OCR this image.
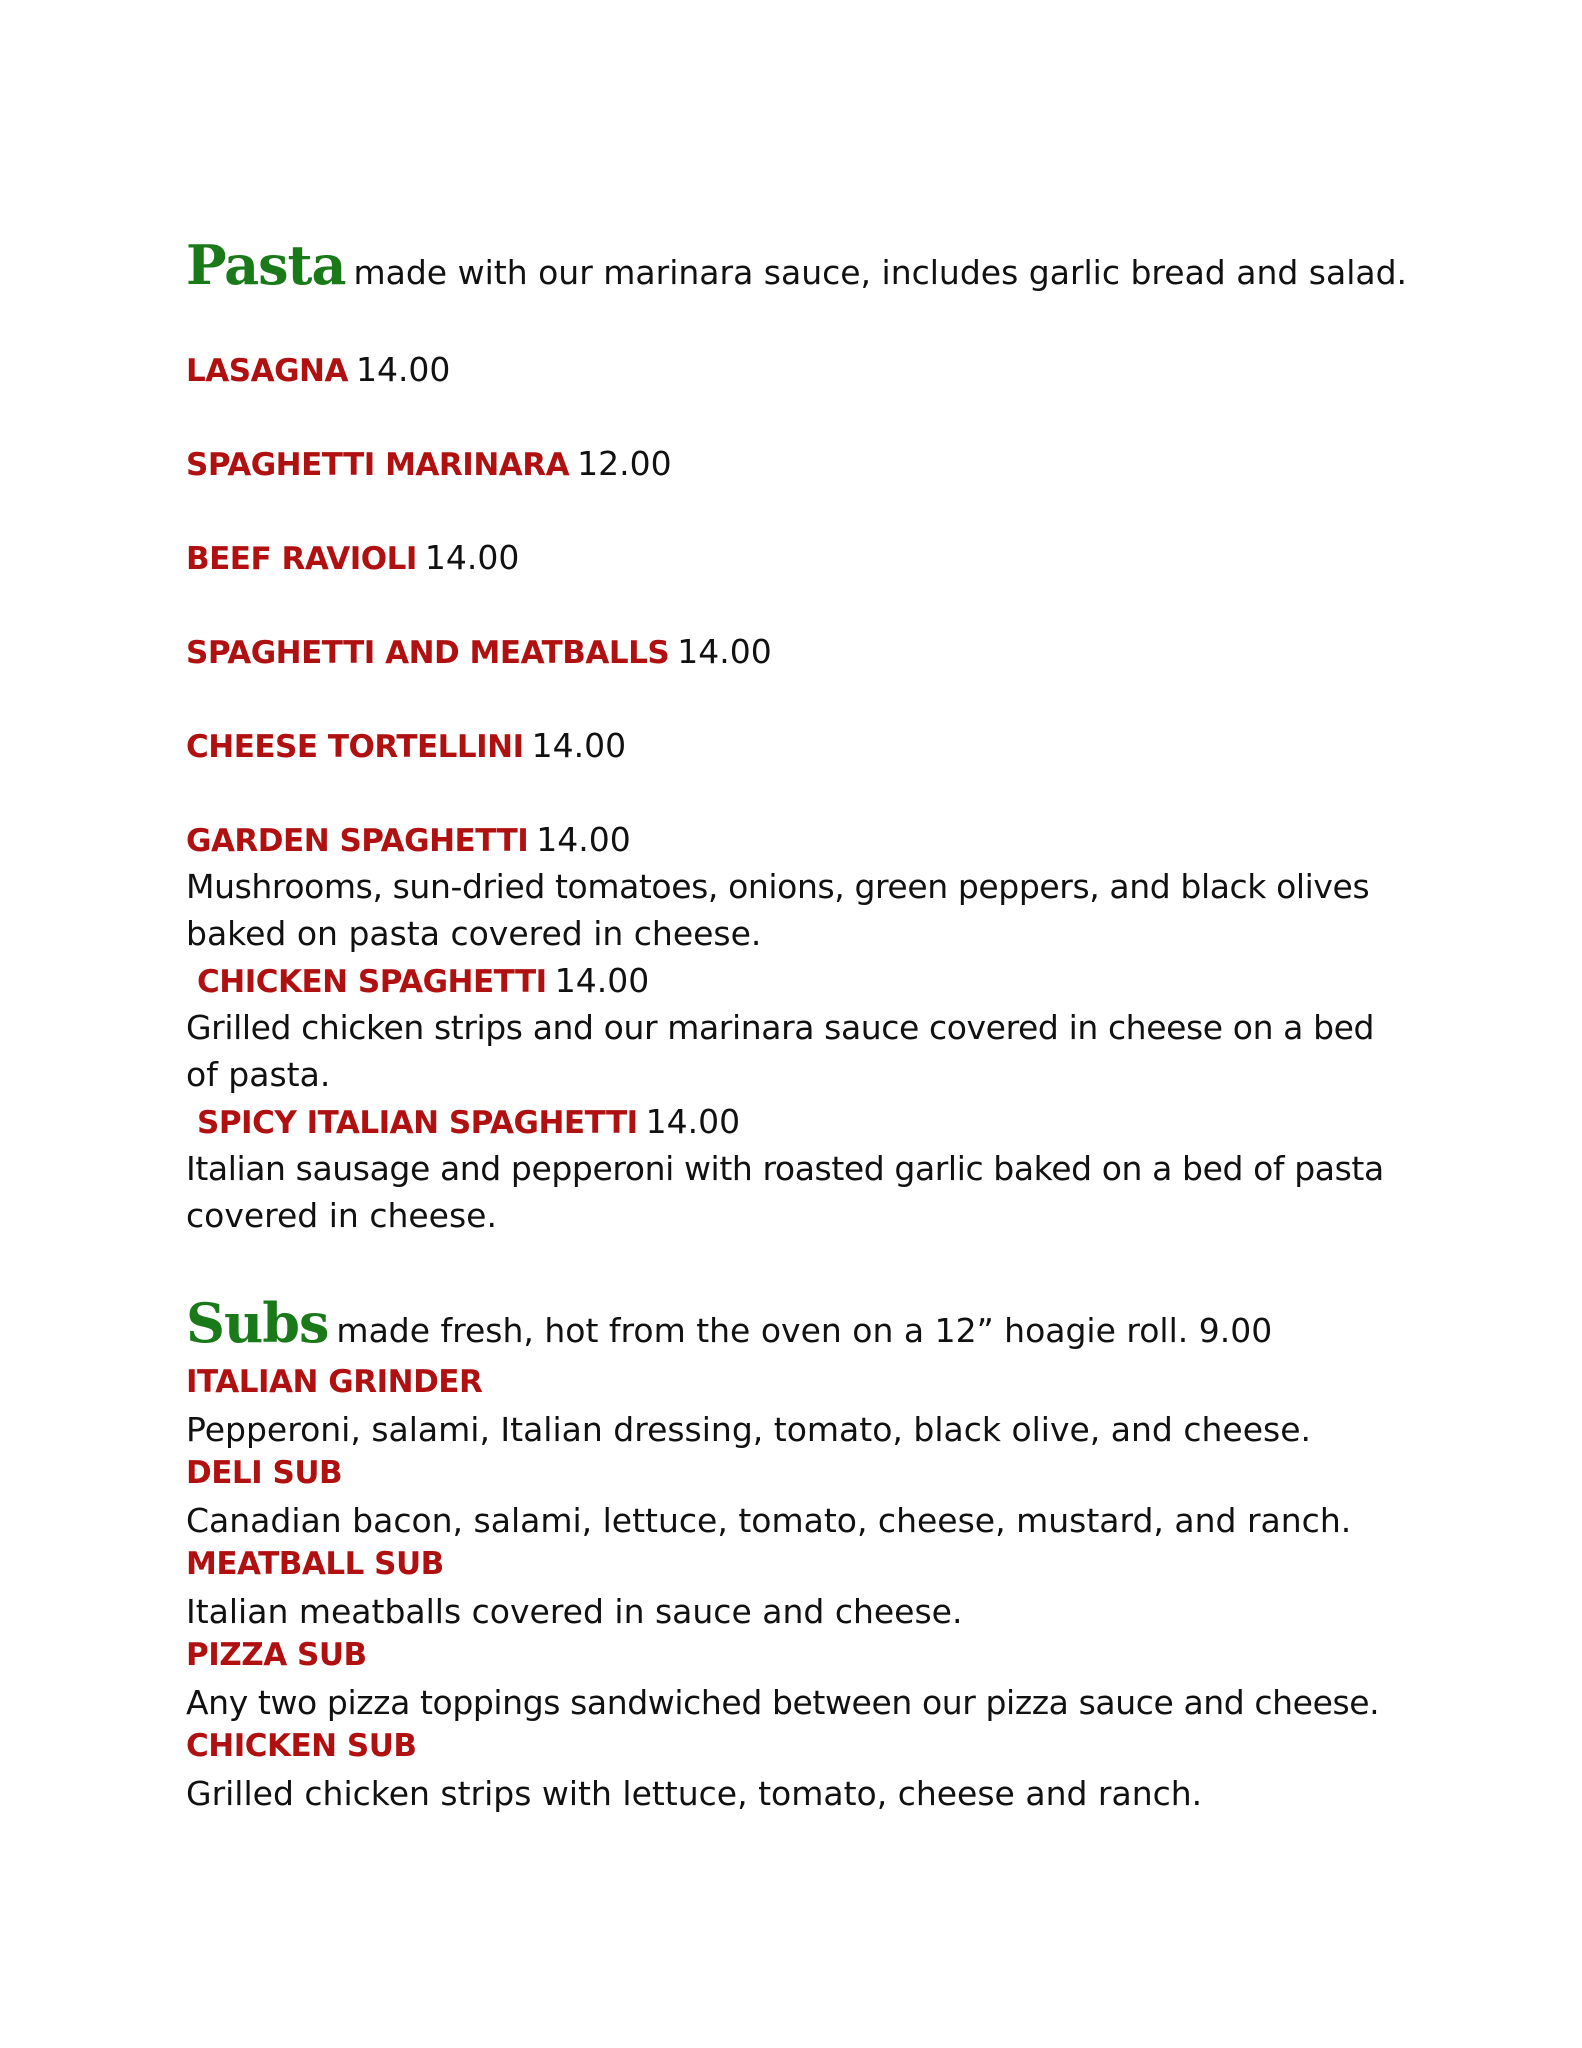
Pasta made with our marinara sauce, includes garlic bread and salad.
LASAGNA 14.00
SPAGHETTI MARINARA 12.00
BEEF RAVIOLI 14.00
SPAGHETTI AND MEATBALLS 14.00
CHEESE TORTELLINI 14.00
GARDEN SPAGHETTI 14.00
Mushrooms, sun-dried tomatoes, onions, green peppers, and black olives
baked on pasta covered in cheese.
CHICKEN SPAGHETTI 14.00
Grilled chicken strips and our marinara sauce covered in cheese on a bed
of pasta.
SPICY ITALIAN SPAGHETTI 14.00
Italian sausage and pepperoni with roasted garlic baked on a bed of pasta
covered in cheese.
Subs made fresh, hot from the oven on a 12” hoagie roll. 9.00
ITALIAN GRINDER
Pepperoni, salami, Italian dressing, tomato, black olive, and cheese.
DELI SUB
Canadian bacon, salami, lettuce, tomato, cheese, mustard, and ranch.
MEATBALL SUB
Italian meatballs covered in sauce and cheese.
PIZZA SUB
Any two pizza toppings sandwiched between our pizza sauce and cheese.
CHICKEN SUB
Grilled chicken strips with lettuce, tomato, cheese and ranch.
